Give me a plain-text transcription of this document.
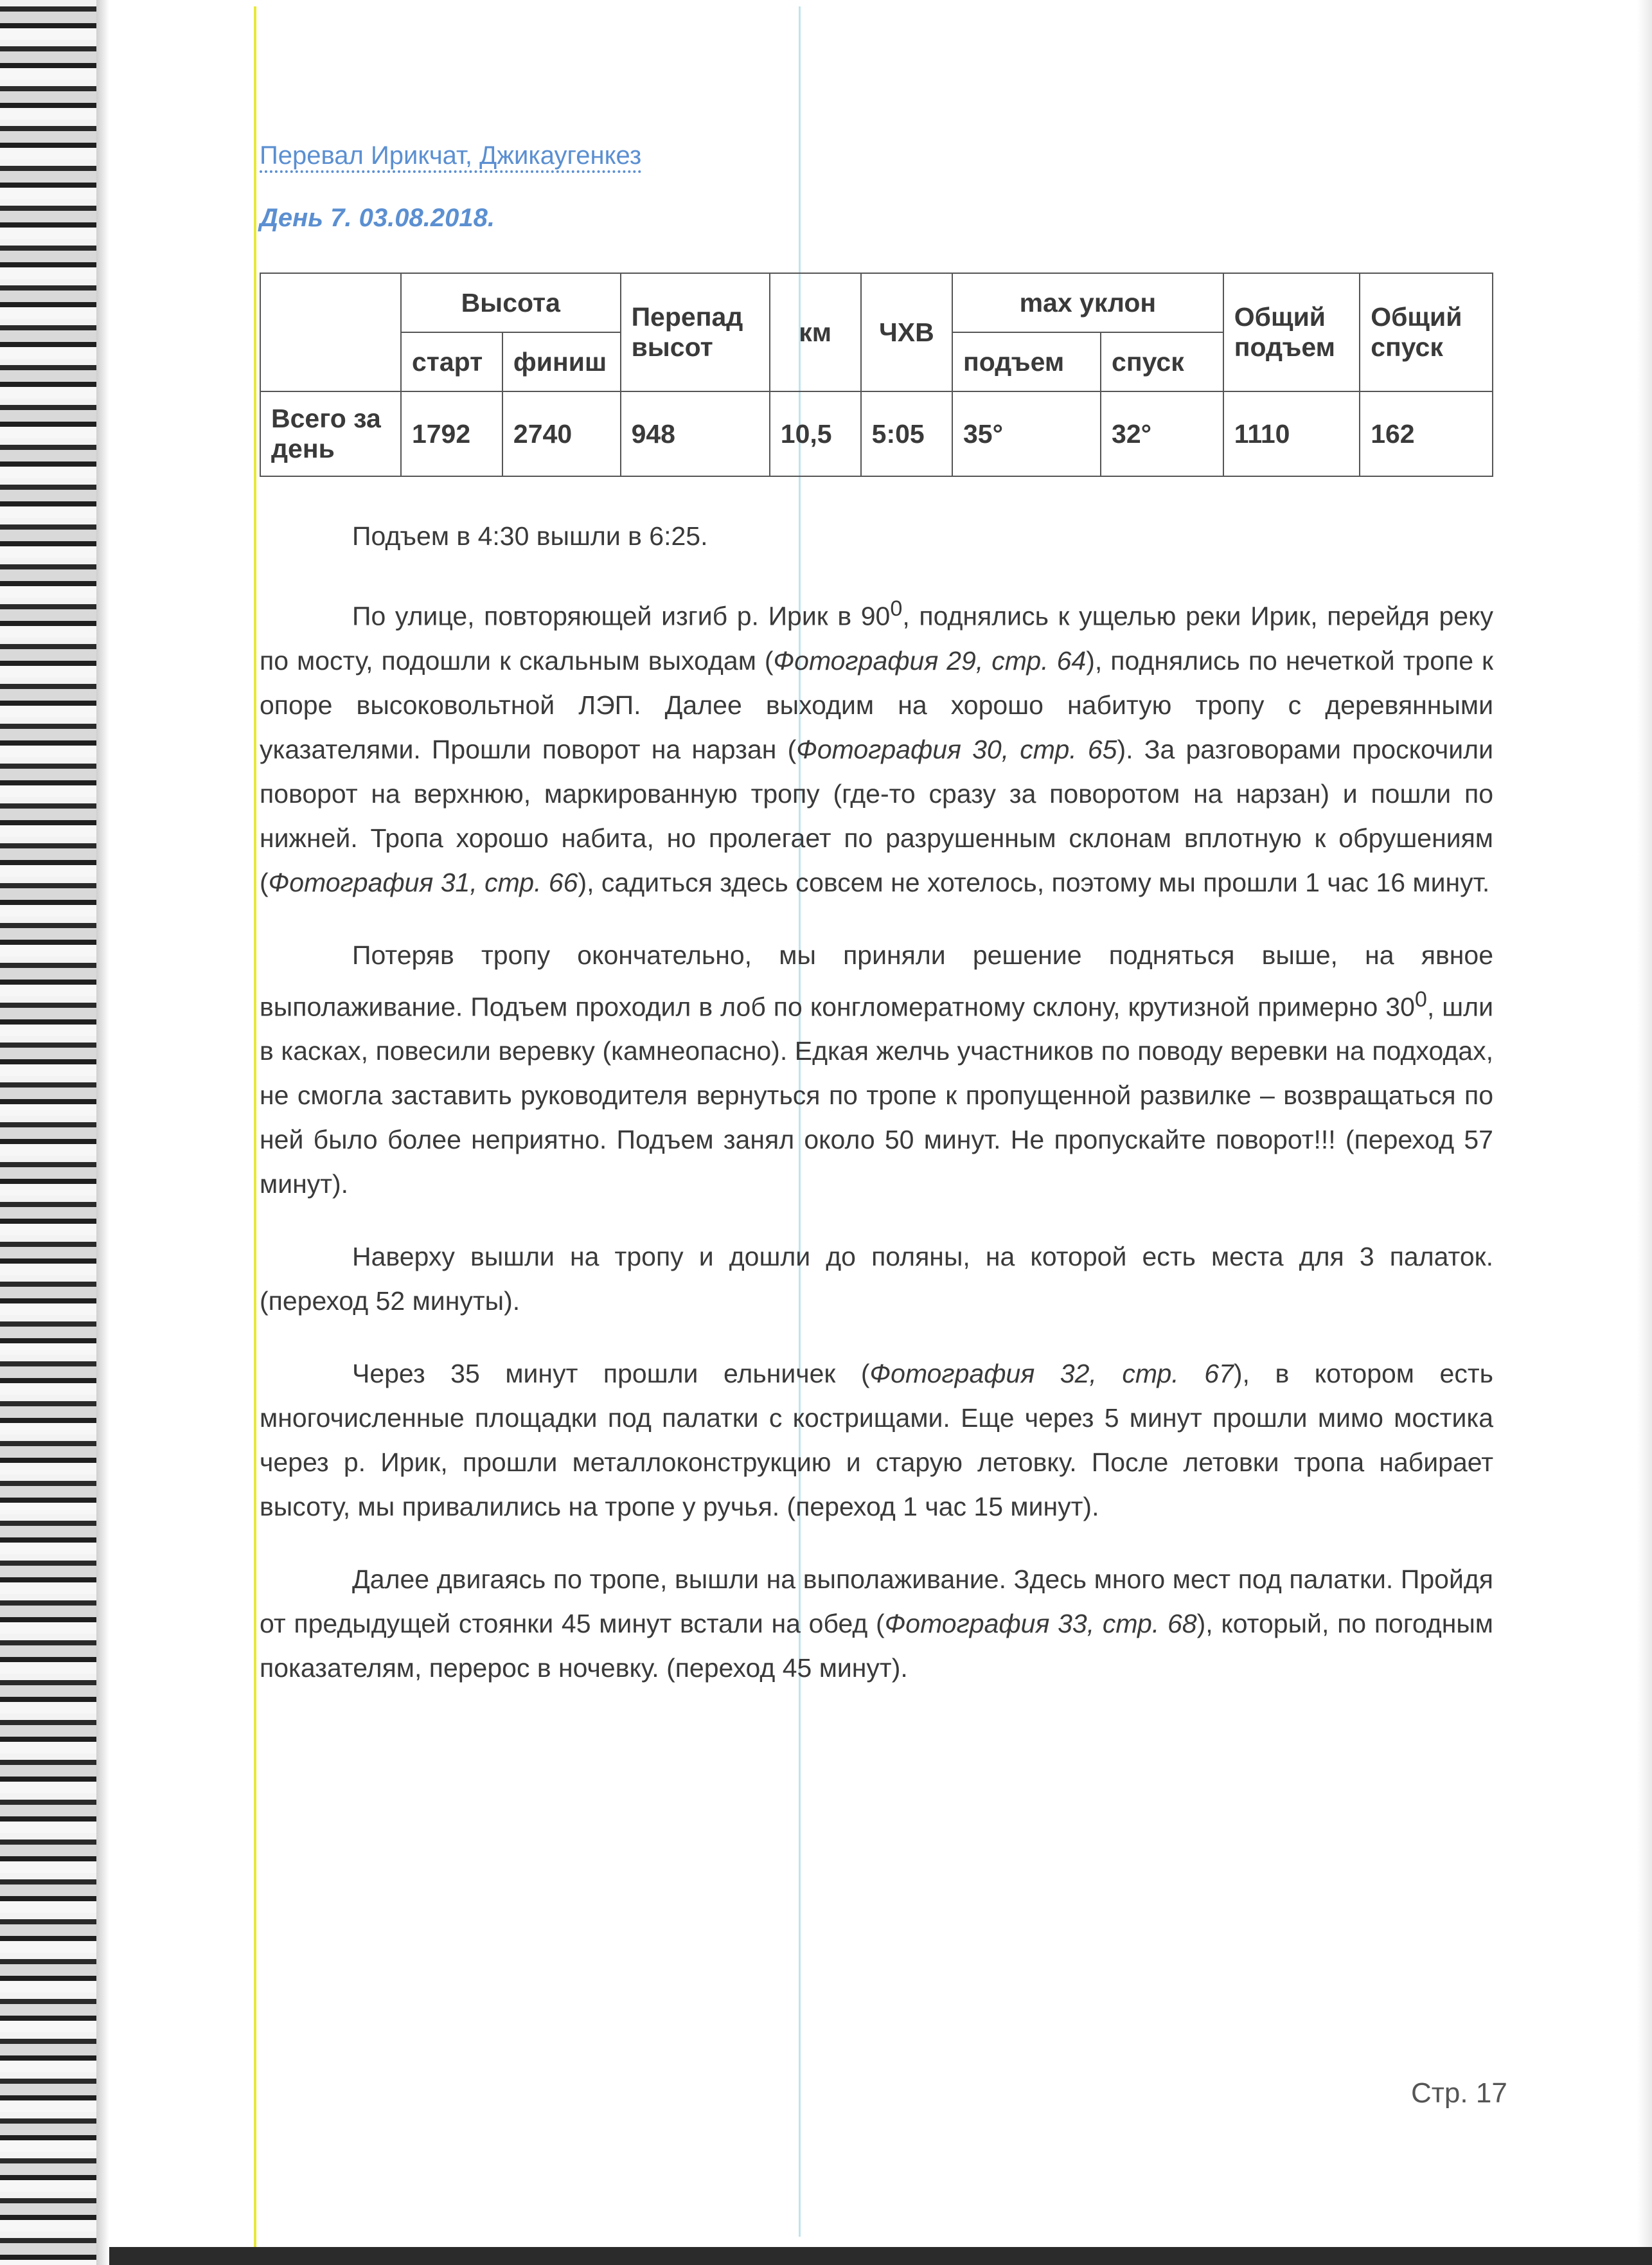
Перевал Ирикчат, Джикаугенкез
День 7. 03.08.2018.
	Высота		Перепад высот	км	ЧХВ	max уклон		Общий подъем	Общий спуск
	старт	финиш				подъем	спуск		
Всего за день	1792	2740	948	10,5	5:05	35°	32°	1110	162

Подъем в 4:30 вышли в 6:25.

По улице, повторяющей изгиб р. Ирик в $90^0$, поднялись к ущелью реки Ирик, перейдя реку по мосту, подошли к скальным выходам (Фотография 29, стр. 64), поднялись по нечеткой тропе к опоре высоковольтной ЛЭП. Далее выходим на хорошо набитую тропу с деревянными указателями. Прошли поворот на нарзан (Фотография 30, стр. 65). За разговорами проскочили поворот на верхнюю, маркированную тропу (где-то сразу за поворотом на нарзан) и пошли по нижней. Тропа хорошо набита, но пролегает по разрушенным склонам вплотную к обрушениям (Фотография 31, стр. 66), садиться здесь совсем не хотелось, поэтому мы прошли 1 час 16 минут.

Потеряв тропу окончательно, мы приняли решение подняться выше, на явное выполаживание. Подъем проходил в лоб по конгломератному склону, крутизной примерно $30^0$, шли в касках, повесили веревку (камнеопасно). Едкая желчь участников по поводу веревки на подходах, не смогла заставить руководителя вернуться по тропе к пропущенной развилке – возвращаться по ней было более неприятно. Подъем занял около 50 минут. Не пропускайте поворот!!! (переход 57 минут).

Наверху вышли на тропу и дошли до поляны, на которой есть места для 3 палаток. (переход 52 минуты).

Через 35 минут прошли ельничек (Фотография 32, стр. 67), в котором есть многочисленные площадки под палатки с кострищами. Еще через 5 минут прошли мимо мостика через р. Ирик, прошли металлоконструкцию и старую летовку. После летовки тропа набирает высоту, мы привалились на тропе у ручья. (переход 1 час 15 минут).

Далее двигаясь по тропе, вышли на выполаживание. Здесь много мест под палатки. Пройдя от предыдущей стоянки 45 минут встали на обед (Фотография 33, стр. 68), который, по погодным показателям, перерос в ночевку. (переход 45 минут).

Стр. 17
